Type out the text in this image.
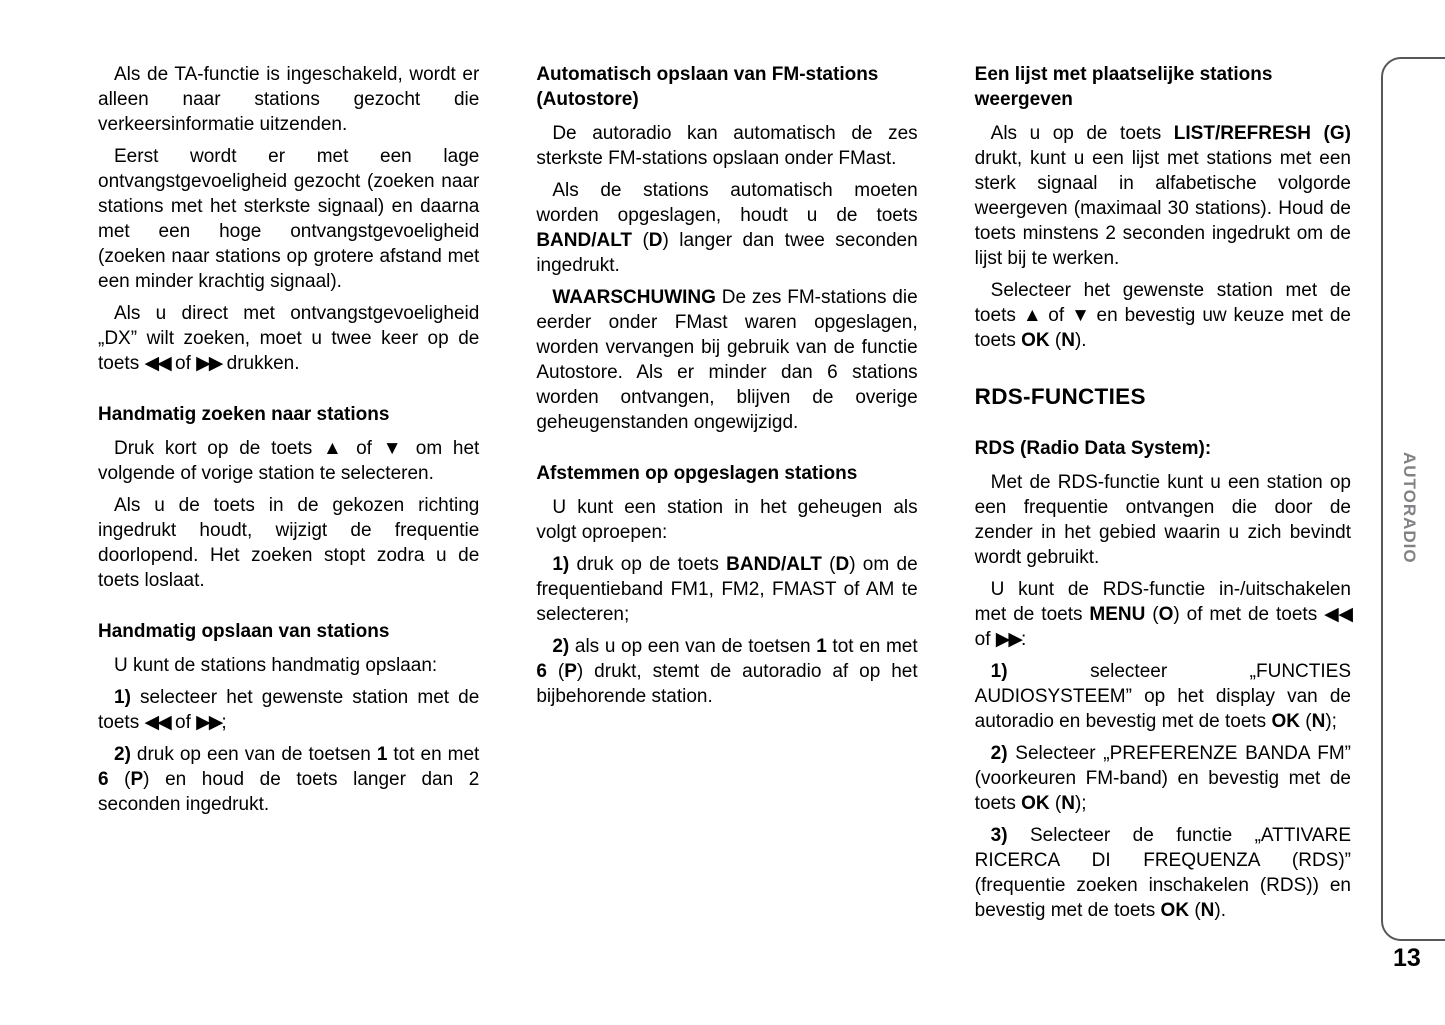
AUTORADIO
Als de TA-functie is ingeschakeld, wordt er alleen naar stations gezocht die verkeersinformatie uitzenden.
Eerst wordt er met een lage ontvangstgevoeligheid gezocht (zoeken naar stations met het sterkste signaal) en daarna met een hoge ontvangstgevoeligheid (zoeken naar stations op grotere afstand met een minder krachtig signaal).
Als u direct met ontvangstgevoeligheid „DX” wilt zoeken, moet u twee keer op de toets ◀◀ of ▶▶ drukken.
Handmatig zoeken naar stations
Druk kort op de toets ▲ of ▼ om het volgende of vorige station te selecteren.
Als u de toets in de gekozen richting ingedrukt houdt, wijzigt de frequentie doorlopend. Het zoeken stopt zodra u de toets loslaat.
Handmatig opslaan van stations
U kunt de stations handmatig opslaan:
1) selecteer het gewenste station met de toets ◀◀ of ▶▶;
2) druk op een van de toetsen 1 tot en met 6 (P) en houd de toets langer dan 2 seconden ingedrukt.
Automatisch opslaan van FM-stations (Autostore)
De autoradio kan automatisch de zes sterkste FM-stations opslaan onder FMast.
Als de stations automatisch moeten worden opgeslagen, houdt u de toets BAND/ALT (D) langer dan twee seconden ingedrukt.
WAARSCHUWING De zes FM-stations die eerder onder FMast waren opgeslagen, worden vervangen bij gebruik van de functie Autostore. Als er minder dan 6 stations worden ontvangen, blijven de overige geheugenstanden ongewijzigd.
Afstemmen op opgeslagen stations
U kunt een station in het geheugen als volgt oproepen:
1) druk op de toets BAND/ALT (D) om de frequentieband FM1, FM2, FMAST of AM te selecteren;
2) als u op een van de toetsen 1 tot en met 6 (P) drukt, stemt de autoradio af op het bijbehorende station.
Een lijst met plaatselijke stations weergeven
Als u op de toets LIST/REFRESH (G) drukt, kunt u een lijst met stations met een sterk signaal in alfabetische volgorde weergeven (maximaal 30 stations). Houd de toets minstens 2 seconden ingedrukt om de lijst bij te werken.
Selecteer het gewenste station met de toets ▲ of ▼ en bevestig uw keuze met de toets OK (N).
RDS-FUNCTIES
RDS (Radio Data System):
Met de RDS-functie kunt u een station op een frequentie ontvangen die door de zender in het gebied waarin u zich bevindt wordt gebruikt.
U kunt de RDS-functie in-/uitschakelen met de toets MENU (O) of met de toets ◀◀ of ▶▶:
1) selecteer „FUNCTIES AUDIOSYSTEEM” op het display van de autoradio en bevestig met de toets OK (N);
2) Selecteer „PREFERENZE BANDA FM” (voorkeuren FM-band) en bevestig met de toets OK (N);
3) Selecteer de functie „ATTIVARE RICERCA DI FREQUENZA (RDS)” (frequentie zoeken inschakelen (RDS)) en bevestig met de toets OK (N).
13
